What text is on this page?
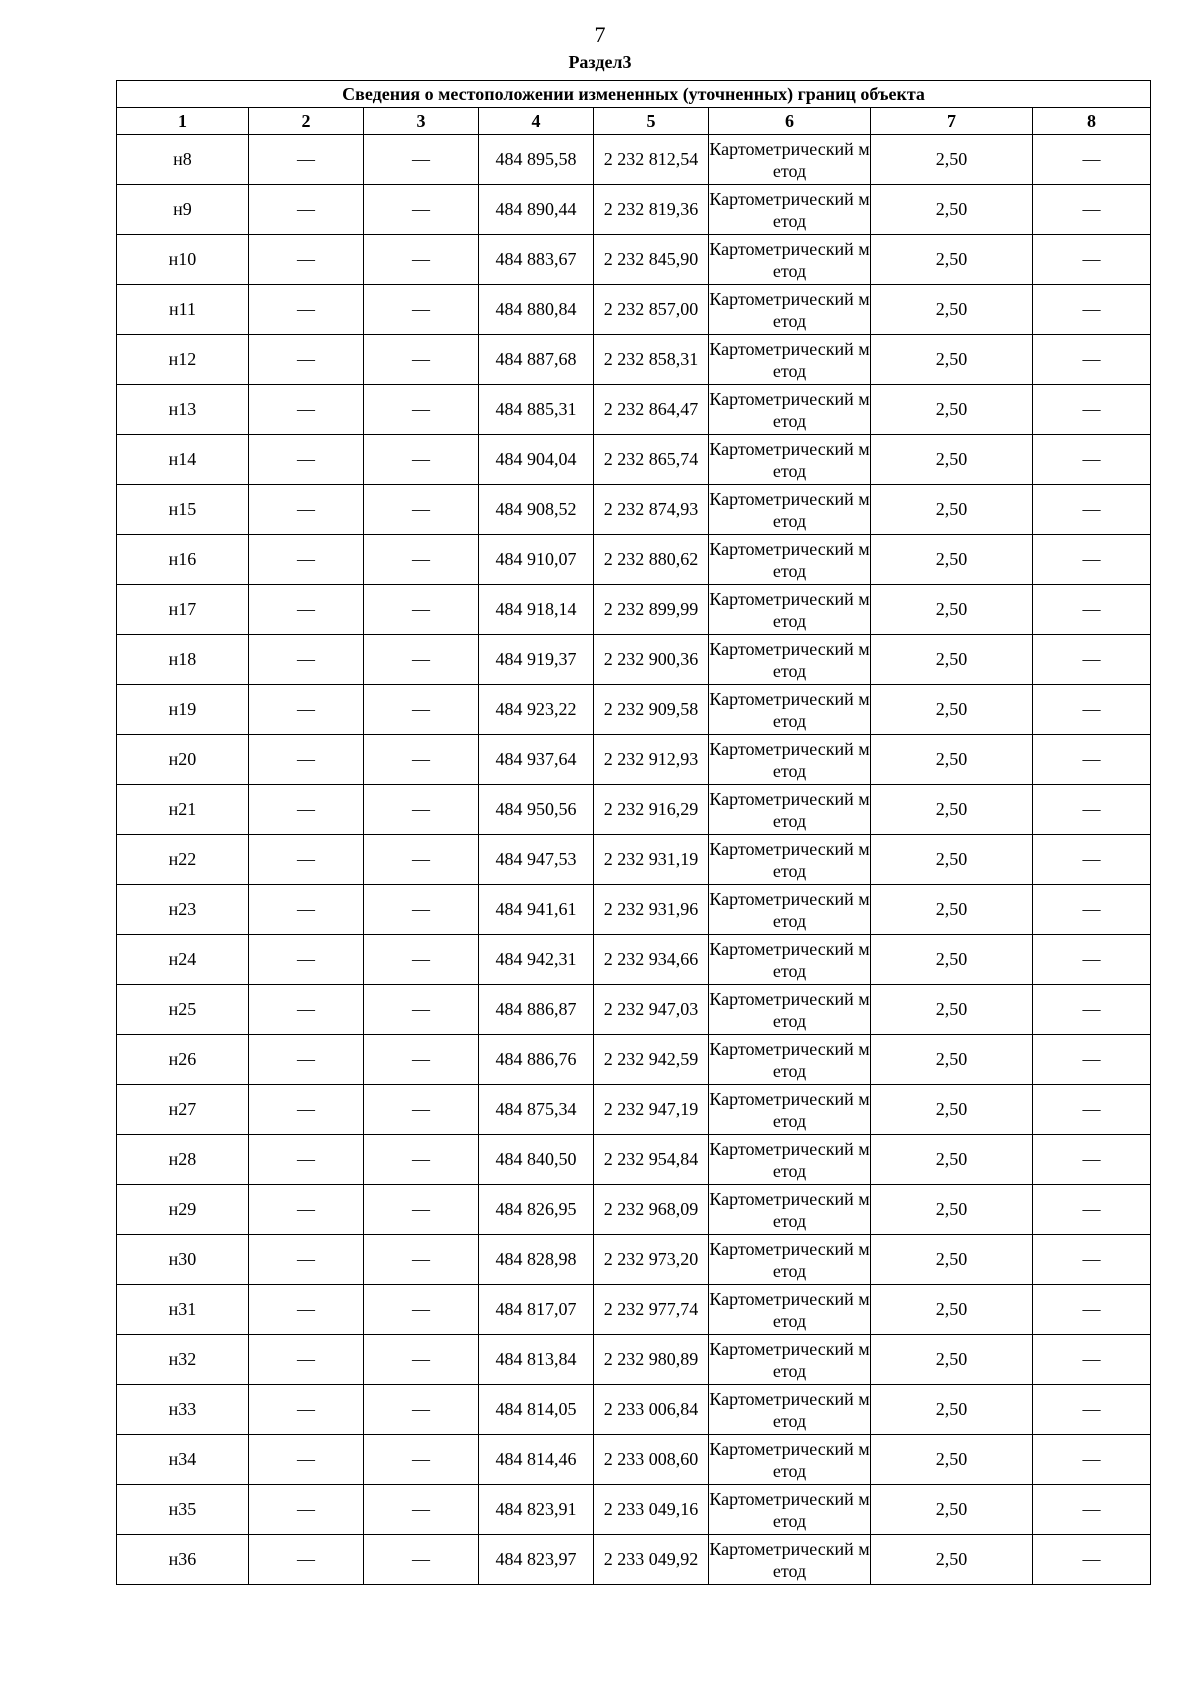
7
Раздел3
Сведения о местоположении измененных (уточненных) границ объекта							
1	2	3	4	5	6	7	8
н8	—	—	484 895,58	2 232 812,54	Картометрический метод	2,50	—
н9	—	—	484 890,44	2 232 819,36	Картометрический метод	2,50	—
н10	—	—	484 883,67	2 232 845,90	Картометрический метод	2,50	—
н11	—	—	484 880,84	2 232 857,00	Картометрический метод	2,50	—
н12	—	—	484 887,68	2 232 858,31	Картометрический метод	2,50	—
н13	—	—	484 885,31	2 232 864,47	Картометрический метод	2,50	—
н14	—	—	484 904,04	2 232 865,74	Картометрический метод	2,50	—
н15	—	—	484 908,52	2 232 874,93	Картометрический метод	2,50	—
н16	—	—	484 910,07	2 232 880,62	Картометрический метод	2,50	—
н17	—	—	484 918,14	2 232 899,99	Картометрический метод	2,50	—
н18	—	—	484 919,37	2 232 900,36	Картометрический метод	2,50	—
н19	—	—	484 923,22	2 232 909,58	Картометрический метод	2,50	—
н20	—	—	484 937,64	2 232 912,93	Картометрический метод	2,50	—
н21	—	—	484 950,56	2 232 916,29	Картометрический метод	2,50	—
н22	—	—	484 947,53	2 232 931,19	Картометрический метод	2,50	—
н23	—	—	484 941,61	2 232 931,96	Картометрический метод	2,50	—
н24	—	—	484 942,31	2 232 934,66	Картометрический метод	2,50	—
н25	—	—	484 886,87	2 232 947,03	Картометрический метод	2,50	—
н26	—	—	484 886,76	2 232 942,59	Картометрический метод	2,50	—
н27	—	—	484 875,34	2 232 947,19	Картометрический метод	2,50	—
н28	—	—	484 840,50	2 232 954,84	Картометрический метод	2,50	—
н29	—	—	484 826,95	2 232 968,09	Картометрический метод	2,50	—
н30	—	—	484 828,98	2 232 973,20	Картометрический метод	2,50	—
н31	—	—	484 817,07	2 232 977,74	Картометрический метод	2,50	—
н32	—	—	484 813,84	2 232 980,89	Картометрический метод	2,50	—
н33	—	—	484 814,05	2 233 006,84	Картометрический метод	2,50	—
н34	—	—	484 814,46	2 233 008,60	Картометрический метод	2,50	—
н35	—	—	484 823,91	2 233 049,16	Картометрический метод	2,50	—
н36	—	—	484 823,97	2 233 049,92	Картометрический метод	2,50	—
